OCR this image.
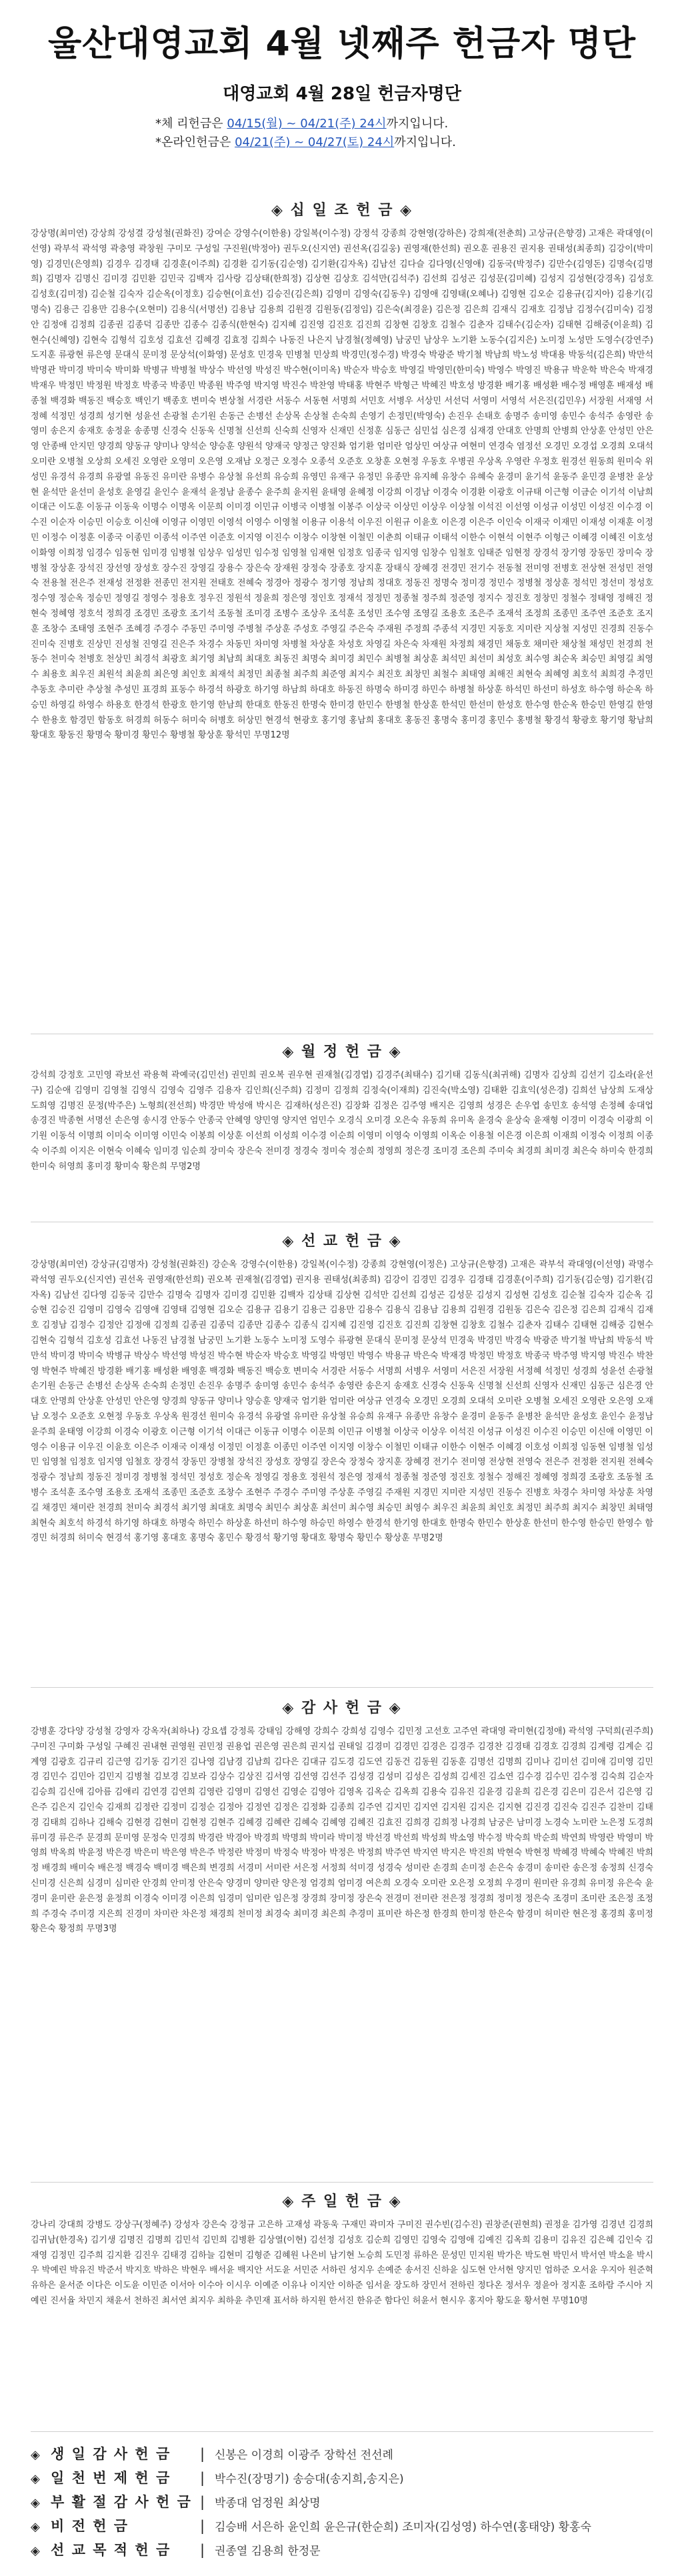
울산대영교회 4월 넷째주 헌금자 명단
대영교회 4월 28일 헌금자명단
*체 리헌금은 04/15(월) ~ 04/21(주) 24시까지입니다.
*온라인헌금은 04/21(주) ~ 04/27(토) 24시까지입니다.
◈ 십 일 조 헌 금 ◈
강상명(최미연) 강상희 강성결 강성철(권화진) 강여순 강영수(이한용) 강일복(이수정) 강정석 강종희 강현영(강하은) 강희재(전춘희) 고상규(은향경) 고재은 곽대영(이선영) 곽부석 곽석영 곽충영 곽창원 구미모 구성일 구진원(박정아) 권두오(신지연) 권선옥(김길웅) 권영재(한선희) 권오훈 권용진 권지용 권태성(최종희) 김강이(박미영) 김경민(은영희) 김경우 김경태 김경훈(이주희) 김경환 김기동(김순영) 김기환(김자옥) 김남선 김다슬 김다영(신영애) 김동국(박정주) 김만수(김영돈) 김명숙(김명희) 김명자 김명신 김미경 김민환 김민국 김백자 김사랑 김상태(한희정) 김상현 김상호 김석만(김석주) 김선희 김성곤 김성문(김미혜) 김성지 김성현(강경옥) 김성호 김성호(김미정) 김순철 김숙자 김순옥(이정호) 김승현(이효선) 김승진(김은희) 김영미 김영숙(김동우) 김영애 김영태(오혜나) 김영현 김오순 김용규(김지아) 김용기(김명숙) 김용근 김용만 김용수(오현미) 김용식(서명선) 김용남 김용희 김원경 김원동(김정임) 김은숙(최경윤) 김은정 김은희 김재식 김재호 김정남 김정수(김미숙) 김정안 김정애 김정희 김종권 김종덕 김종만 김종수 김종식(한현숙) 김지혜 김진영 김진호 김진희 김창현 김창호 김철수 김춘자 김태수(김순자) 김태현 김해중(이윤희) 김현수(신혜영) 김현숙 김형석 김호성 김효선 김혜경 김효정 김희수 나동진 나은지 남경철(정혜영) 남궁민 남상우 노기환 노동수(김지은) 노미정 노성만 도영수(강연주) 도지훈 류광현 류은영 문대식 문미정 문상석(이화영) 문성호 민경욱 민병철 민상희 박경민(정수경) 박경숙 박광준 박기철 박남희 박노성 박대용 박동석(김은희) 박만석 박명관 박미경 박미숙 박미화 박병규 박병철 박상수 박선영 박성진 박수현(이미옥) 박순자 박승호 박영길 박영민(한미숙) 박영수 박영진 박용규 박운학 박은숙 박재경 박재우 박정민 박정원 박정호 박종국 박종민 박종원 박주영 박지영 박진수 박찬영 박태홍 박현주 박형근 박혜진 박호성 방경환 배기홍 배성환 배수정 배영훈 배재성 배종철 백경화 백동진 백승호 백인기 백종호 변미숙 변상철 서경란 서동수 서동현 서명희 서민호 서병우 서상민 서선덕 서영미 서영석 서은진(김민우) 서장원 서재영 서정혜 석정민 성경희 성기현 성윤선 손광철 손기원 손동근 손병선 손상목 손상철 손숙희 손영기 손정민(박영숙) 손진우 손태호 송명주 송미영 송민수 송석주 송영란 송영미 송은지 송재호 송정윤 송종명 신경숙 신동욱 신명철 신선희 신숙희 신영자 신재민 신정훈 심동근 심민섭 심은경 심재경 안대호 안명희 안병희 안상훈 안성민 안은영 안종배 안지민 양경희 양동규 양미나 양석순 양승훈 양원석 양재국 양정근 양진화 엄기환 엄미란 엄상민 여상규 여현미 연경숙 염정선 오경민 오경섭 오경희 오대석 오미란 오병철 오상희 오세진 오영란 오영미 오은영 오재남 오정근 오정수 오종석 오준호 오창훈 오현정 우동호 우병권 우상옥 우영란 우정호 원경선 원동희 원미숙 위성민 유경석 유경희 유광열 유동진 유미란 유병수 유상철 유선희 유승희 유영민 유재구 유정민 유종만 유지혜 유창수 유혜숙 윤경미 윤기석 윤동주 윤민경 윤병찬 윤상현 윤석만 윤선미 윤성호 윤영길 윤인수 윤재석 윤정남 윤종수 윤주희 윤지원 윤태영 윤혜정 이강희 이경남 이경숙 이경환 이광호 이규태 이근형 이금순 이기석 이남희 이대근 이도훈 이동규 이동욱 이명수 이명옥 이문희 이미경 이민규 이병국 이병철 이봉주 이상국 이상민 이상우 이상철 이석진 이선영 이성규 이성민 이성진 이수경 이수진 이순자 이승민 이승호 이신애 이영규 이영민 이영석 이영수 이영철 이용규 이용석 이우진 이원규 이윤호 이은경 이은주 이인숙 이재국 이재민 이재성 이재훈 이정민 이정수 이정훈 이종국 이종민 이종석 이주연 이준호 이지영 이진수 이창수 이창현 이철민 이춘희 이태규 이태석 이한수 이현석 이현주 이형근 이혜경 이혜진 이호성 이화영 이희정 임경수 임동현 임미경 임병철 임상우 임성민 임수정 임영철 임재현 임정호 임종국 임지영 임창수 임철호 임태준 임현정 장경석 장기영 장동민 장미숙 장병철 장상훈 장석진 장선영 장성호 장수진 장영길 장용수 장은숙 장재원 장정숙 장종호 장지훈 장태식 장혜경 전경민 전기수 전동철 전미영 전병호 전상현 전성민 전영숙 전용철 전은주 전재성 전정환 전종민 전지원 전태호 전혜숙 정경아 정광수 정기영 정남희 정대호 정동진 정명숙 정미경 정민수 정병철 정상훈 정석민 정선미 정성호 정수영 정순옥 정승민 정영길 정영수 정용호 정우진 정원석 정윤희 정은영 정인호 정재석 정정민 정종철 정주희 정준영 정지수 정진호 정창민 정철수 정태영 정해진 정현숙 정혜영 정호석 정희경 조경민 조광호 조기석 조동철 조미경 조병수 조상우 조석훈 조성민 조수영 조영길 조용호 조은주 조재석 조정희 조종민 조주연 조준호 조지훈 조창수 조태영 조현주 조혜경 주경수 주동민 주미영 주병철 주상훈 주성호 주영길 주은숙 주재원 주정희 주종석 지경민 지동호 지미란 지상철 지성민 진경희 진동수 진미숙 진병호 진상민 진성철 진영길 진은주 차경수 차동민 차미영 차병철 차상훈 차성호 차영길 차은숙 차재원 차정희 채경민 채동호 채미란 채상철 채성민 천경희 천동수 천미숙 천병호 천상민 최경석 최광호 최기영 최남희 최대호 최동진 최명숙 최미경 최민수 최병철 최상훈 최석민 최선미 최성호 최수영 최순옥 최승민 최영길 최영수 최용호 최우진 최원석 최윤희 최은영 최인호 최재석 최정민 최종철 최주희 최준영 최지수 최진호 최창민 최철수 최태영 최해진 최현숙 최혜영 최호석 최희경 추경민 추동호 추미란 추상철 추성민 표경희 표동수 하경석 하광호 하기영 하남희 하대호 하동진 하명숙 하미경 하민수 하병철 하상훈 하석민 하선미 하성호 하수영 하순옥 하승민 하영길 하영수 하용호 한경석 한광호 한기영 한남희 한대호 한동진 한명숙 한미경 한민수 한병철 한상훈 한석민 한선미 한성호 한수영 한순옥 한승민 한영길 한영수 한용호 함경민 함동호 허경희 허동수 허미숙 허병호 허상민 현경석 현광호 홍기영 홍남희 홍대호 홍동진 홍명숙 홍미경 홍민수 홍병철 황경석 황광호 황기영 황남희 황대호 황동진 황명숙 황미경 황민수 황병철 황상훈 황석민 무명12명
◈ 월 정 헌 금 ◈
강석희 강정호 고민영 곽보선 곽용혁 곽예국(김민선) 권민희 권오복 권우현 권재철(김경엽) 김경주(최태수) 김기태 김동식(최귀해) 김명자 김상희 김선기 김소라(윤선구) 김순애 김영미 김영철 김영식 김영숙 김영주 김용자 김인희(신주희) 김정미 김정희 김정숙(이재희) 김진숙(박소영) 김태환 김효익(성은경) 김희선 남상희 도재상 도희영 김명진 문정(박주은) 노형희(전선희) 박경만 박성애 박시은 김재하(성은진) 김장화 김정은 김주영 배지은 김영희 성경은 손우엽 송민호 송석영 손정혜 송대업 송경진 박종현 서명선 손은영 송시경 안동수 안종국 안혜영 양민영 양지연 엄민수 오경식 오미경 오은숙 유동희 유미옥 윤경숙 윤상숙 윤재형 이경미 이경숙 이광희 이기원 이동석 이명희 이미숙 이미영 이민숙 이봉희 이상훈 이선희 이성희 이수경 이순희 이영미 이영숙 이영희 이옥순 이용철 이은경 이은희 이재희 이정숙 이정희 이종숙 이주희 이지은 이현숙 이혜숙 임미경 임순희 장미숙 장은숙 전미경 정경숙 정미숙 정순희 정영희 정은경 조미경 조은희 주미숙 최경희 최미경 최은숙 하미숙 한경희 한미숙 허영희 홍미경 황미숙 황은희 무명2명
◈ 선 교 헌 금 ◈
강상명(최미연) 강상규(김명자) 강성철(권화진) 강순옥 강영수(이한용) 강일복(이수정) 강종희 강현영(이정은) 고상규(은향경) 고재은 곽부석 곽대영(이선영) 곽명수 곽석영 권두오(신지연) 권선옥 권영재(한선희) 권오복 권재철(김경엽) 권지용 권태성(최종희) 김강이 김경민 김경우 김경태 김경훈(이주희) 김기동(김순영) 김기환(김자옥) 김남선 김다영 김동국 김만수 김명숙 김명자 김미경 김민환 김백자 김상태 김상현 김석만 김선희 김성곤 김성문 김성지 김성현 김성호 김순철 김숙자 김순옥 김승현 김승진 김영미 김영숙 김영애 김영태 김영현 김오순 김용규 김용기 김용근 김용만 김용수 김용식 김용남 김용희 김원경 김원동 김은숙 김은정 김은희 김재식 김재호 김정남 김정수 김정안 김정애 김정희 김종권 김종덕 김종만 김종수 김종식 김지혜 김진영 김진호 김진희 김창현 김창호 김철수 김춘자 김태수 김태현 김해중 김현수 김현숙 김형석 김호성 김효선 나동진 남경철 남궁민 노기환 노동수 노미정 도영수 류광현 문대식 문미정 문상석 민경욱 박경민 박경숙 박광준 박기철 박남희 박동석 박만석 박미경 박미숙 박병규 박상수 박선영 박성진 박수현 박순자 박승호 박영길 박영민 박영수 박용규 박은숙 박재경 박정민 박정호 박종국 박주영 박지영 박진수 박찬영 박현주 박혜진 방경환 배기홍 배성환 배영훈 백경화 백동진 백승호 변미숙 서경란 서동수 서명희 서병우 서영미 서은진 서장원 서정혜 석정민 성경희 성윤선 손광철 손기원 손동근 손병선 손상목 손숙희 손정민 손진우 송명주 송미영 송민수 송석주 송영란 송은지 송재호 신경숙 신동욱 신명철 신선희 신영자 신재민 심동근 심은경 안대호 안명희 안상훈 안성민 안은영 양경희 양동규 양미나 양승훈 양재국 엄기환 엄미란 여상규 연경숙 오경민 오경희 오대석 오미란 오병철 오세진 오영란 오은영 오재남 오정수 오준호 오현정 우동호 우상옥 원경선 원미숙 유경석 유광열 유미란 유상철 유승희 유재구 유종만 유창수 윤경미 윤동주 윤병찬 윤석만 윤성호 윤인수 윤정남 윤주희 윤태영 이강희 이경숙 이광호 이근형 이기석 이대근 이동규 이명수 이문희 이민규 이병철 이상국 이상우 이석진 이성규 이성진 이수진 이승민 이신애 이영민 이영수 이용규 이우진 이윤호 이은주 이재국 이재성 이정민 이정훈 이종민 이주연 이지영 이창수 이철민 이태규 이한수 이현주 이혜경 이호성 이희정 임동현 임병철 임성민 임영철 임정호 임지영 임철호 장경석 장동민 장병철 장석진 장성호 장영길 장은숙 장정숙 장지훈 장혜경 전기수 전미영 전상현 전영숙 전은주 전정환 전지원 전혜숙 정광수 정남희 정동진 정미경 정병철 정석민 정성호 정순옥 정영길 정용호 정원석 정은영 정재석 정종철 정준영 정진호 정철수 정해진 정혜영 정희경 조광호 조동철 조병수 조석훈 조수영 조용호 조재석 조종민 조준호 조창수 조현주 주경수 주미영 주상훈 주영길 주재원 지경민 지미란 지성민 진동수 진병호 차경수 차미영 차상훈 차영길 채경민 채미란 천경희 천미숙 최경석 최기영 최대호 최명숙 최민수 최상훈 최선미 최수영 최승민 최영수 최우진 최윤희 최인호 최정민 최주희 최지수 최창민 최태영 최현숙 최호석 하경석 하기영 하대호 하명숙 하민수 하상훈 하선미 하수영 하승민 하영수 한경석 한기영 한대호 한명숙 한민수 한상훈 한선미 한수영 한승민 한영수 함경민 허경희 허미숙 현경석 홍기영 홍대호 홍명숙 홍민수 황경석 황기영 황대호 황명숙 황민수 황상훈 무명2명
◈ 감 사 헌 금 ◈
강병훈 강다양 강성철 강영자 강옥자(최하나) 강요셉 강정록 강태임 강해영 강희수 강희성 김영수 김민정 고선호 고주연 곽대영 곽미현(김정애) 곽석영 구덕희(권주희) 구미진 구미화 구성일 구혜진 권내현 권영원 권민정 권용업 권은영 권은희 권지섭 권태일 김경미 김경민 김경은 김경주 김경찬 김경태 김경호 김경희 김계령 김계순 김계영 김광호 김규리 김근영 김기동 김기진 김나영 김남경 김남희 김다은 김대규 김도경 김도연 김동건 김동원 김동훈 김명선 김명희 김미나 김미선 김미애 김미영 김민경 김민수 김민아 김민지 김병철 김보경 김보라 김상수 김상진 김서영 김선영 김선주 김성경 김성미 김성은 김성희 김세진 김소연 김수경 김수민 김수정 김숙희 김순자 김승희 김신애 김아름 김애리 김연경 김연희 김영란 김영미 김영선 김영순 김영아 김영옥 김옥순 김옥희 김용숙 김유진 김윤경 김윤희 김은경 김은미 김은서 김은영 김은주 김은지 김인숙 김재희 김정란 김정미 김정순 김정아 김정연 김정은 김정화 김종희 김주연 김지민 김지연 김지원 김지은 김지현 김진경 김진숙 김진주 김찬미 김태경 김태희 김하나 김해숙 김현경 김현미 김현정 김현주 김혜경 김혜란 김혜숙 김혜영 김혜진 김효진 김희경 김희정 나경희 남궁은 남미경 노경숙 노미란 노은정 도경희 류미경 류은주 문경희 문미영 문정숙 민경희 박경란 박경아 박경희 박명희 박미라 박미정 박선경 박선희 박성희 박소영 박수정 박숙희 박순희 박연희 박영란 박영미 박영희 박옥희 박윤정 박은경 박은미 박은영 박은주 박정란 박정미 박정숙 박정아 박정은 박정희 박주연 박지연 박지은 박진희 박현숙 박현정 박혜경 박혜숙 박혜진 박희정 배경희 배미숙 배은정 백경숙 백미경 백은희 변경희 서경미 서미란 서은정 서정희 석미경 성경숙 성미란 손경희 손미정 손은숙 송경미 송미란 송은정 송정희 신경숙 신미경 신은희 심경미 심미란 안경희 안미정 안은숙 양경미 양미란 양은정 엄경희 엄미경 여은희 오경숙 오미란 오은정 오정희 우경미 원미란 유경희 유미정 유은숙 윤경미 윤미란 윤은정 윤정희 이경숙 이미경 이은희 임경미 임미란 임은정 장경희 장미정 장은숙 전경미 전미란 전은정 정경희 정미정 정은숙 조경미 조미란 조은정 조정희 주경숙 주미경 지은희 진경미 차미란 차은정 채경희 천미정 최경숙 최미경 최은희 추경미 표미란 하은정 한경희 한미정 한은숙 함경미 허미란 현은정 홍경희 홍미정 황은숙 황정희 무명3명
◈ 주 일 헌 금 ◈
강나리 강대희 강병도 강상구(정혜주) 강성자 강은숙 강정규 고은하 고재성 곽동욱 구재민 곽미자 구미진 권수빈(김수진) 권창준(권현희) 권정윤 김가영 김경년 김경희 김귀남(한경옥) 김기생 김명진 김명희 김민석 김민희 김병환 김상열(이현) 김선정 김성호 김순희 김영민 김영숙 김영애 김예진 김옥희 김용미 김유진 김은혜 김인숙 김재영 김정민 김주희 김지환 김진우 김태경 김하늘 김현미 김형준 김혜원 나은비 남기현 노승희 도민정 류하은 문성민 민지원 박가은 박도현 박민서 박서연 박소윤 박시우 박예린 박유진 박준서 박지호 박하은 박현우 배서윤 백지안 서도윤 서민준 서하린 성지우 손예준 송서진 신하윤 심도현 안서현 양지민 엄하준 오서윤 우지아 원준혁 유하은 윤서준 이다은 이도윤 이민준 이서아 이수아 이시우 이예준 이유나 이지안 이하준 임서윤 장도하 장민서 전하린 정다온 정서우 정윤아 정지훈 조하람 주시아 지예린 진서율 차민지 채윤서 천하진 최서연 최지우 최하윤 추민재 표서하 하지원 한서진 한유준 함다인 허윤서 현시우 홍지아 황도윤 황서현 무명10명
◈ 생 일 감 사 헌 금	| 신봉은 이경희 이광주 장학선 전선례
◈ 일 천 번 제 헌 금	| 박수진(장명기) 송승대(송지희,송지은)
◈ 부 활 절 감 사 헌 금 | 박종대 엄정원 최상명
◈ 비 전 헌 금	| 김승배 서은하 윤인희 윤은규(한순희) 조미자(김성영) 하수연(홍태양) 황홍숙
◈ 선 교 목 적 헌 금	| 권종열 김용희 한정문
